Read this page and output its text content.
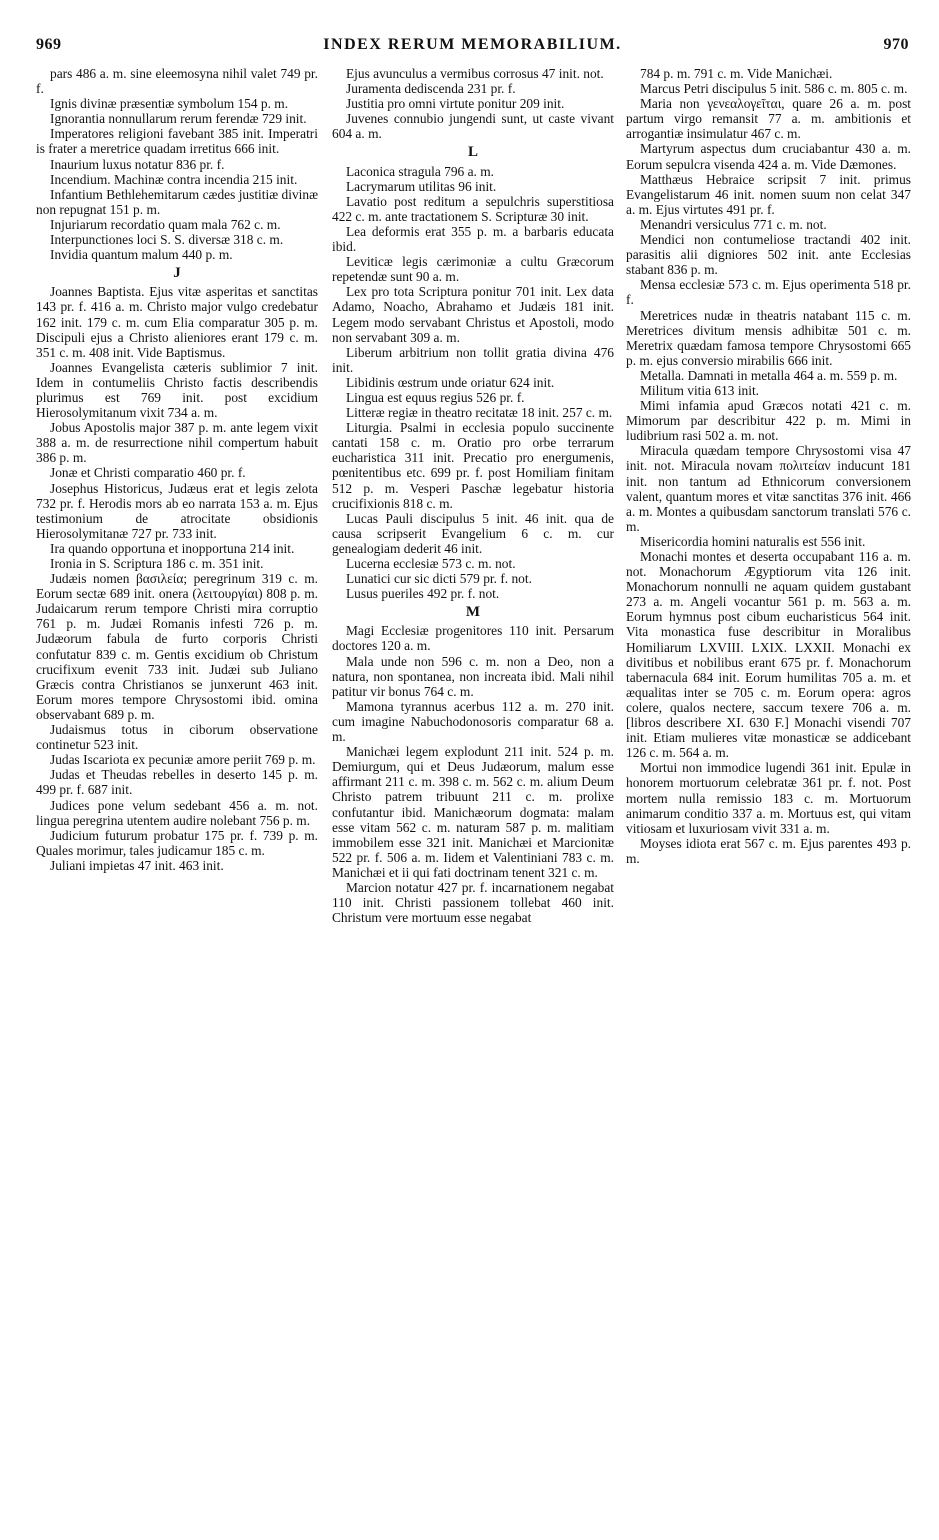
969	INDEX RERUM MEMORABILIUM.	970

pars 486 a. m. sine eleemosyna nihil valet 749 pr. f.

Ignis divinæ præsentiæ symbolum 154 p. m.

Ignorantia nonnullarum rerum ferendæ 729 init.

Imperatores religioni favebant 385 init. Imperatri is frater a meretrice quadam irretitus 666 init.

Inaurium luxus notatur 836 pr. f.

Incendium. Machinæ contra incendia 215 init.

Infantium Bethlehemitarum cædes justitiæ divinæ non repugnat 151 p. m.

Injuriarum recordatio quam mala 762 c. m.

Interpunctiones loci S. S. diversæ 318 c. m.

Invidia quantum malum 440 p. m.

J

Joannes Baptista. Ejus vitæ asperitas et sanctitas 143 pr. f. 416 a. m. Christo major vulgo credebatur 162 init. 179 c. m. cum Elia comparatur 305 p. m. Discipuli ejus a Christo alieniores erant 179 c. m. 351 c. m. 408 init. Vide Baptismus.

Joannes Evangelista cæteris sublimior 7 init. Idem in contumeliis Christo factis describendis plurimus est 769 init. post excidium Hierosolymitanum vixit 734 a. m.

Jobus Apostolis major 387 p. m. ante legem vixit 388 a. m. de resurrectione nihil compertum habuit 386 p. m.

Jonæ et Christi comparatio 460 pr. f.

Josephus Historicus, Judæus erat et legis zelota 732 pr. f. Herodis mors ab eo narrata 153 a. m. Ejus testimonium de atrocitate obsidionis Hierosolymitanæ 727 pr. 733 init.

Ira quando opportuna et inopportuna 214 init.

Ironia in S. Scriptura 186 c. m. 351 init.

Judæis nomen βασιλεία; peregrinum 319 c. m. Eorum sectæ 689 init. onera (λειτουργίαι) 808 p. m. Judaicarum rerum tempore Christi mira corruptio 761 p. m. Judæi Romanis infesti 726 p. m. Judæorum fabula de furto corporis Christi confutatur 839 c. m. Gentis excidium ob Christum crucifixum evenit 733 init. Judæi sub Juliano Græcis contra Christianos se junxerunt 463 init. Eorum mores tempore Chrysostomi ibid. omina observabant 689 p. m.

Judaismus totus in ciborum observatione continetur 523 init.

Judas Iscariota ex pecuniæ amore periit 769 p. m.

Judas et Theudas rebelles in deserto 145 p. m. 499 pr. f. 687 init.

Judices pone velum sedebant 456 a. m. not. lingua peregrina utentem audire nolebant 756 p. m.

Judicium futurum probatur 175 pr. f. 739 p. m. Quales morimur, tales judicamur 185 c. m.

Juliani impietas 47 init. 463 init.

Ejus avunculus a vermibus corrosus 47 init. not.

Juramenta dediscenda 231 pr. f.

Justitia pro omni virtute ponitur 209 init.

Juvenes connubio jungendi sunt, ut caste vivant 604 a. m.

L

Laconica stragula 796 a. m.

Lacrymarum utilitas 96 init.

Lavatio post reditum a sepulchris superstitiosa 422 c. m. ante tractationem S. Scripturæ 30 init.

Lea deformis erat 355 p. m. a barbaris educata ibid.

Leviticæ legis cærimoniæ a cultu Græcorum repetendæ sunt 90 a. m.

Lex pro tota Scriptura ponitur 701 init. Lex data Adamo, Noacho, Abrahamo et Judæis 181 init. Legem modo servabant Christus et Apostoli, modo non servabant 309 a. m.

Liberum arbitrium non tollit gratia divina 476 init.

Libidinis œstrum unde oriatur 624 init.

Lingua est equus regius 526 pr. f.

Litteræ regiæ in theatro recitatæ 18 init. 257 c. m.

Liturgia. Psalmi in ecclesia populo succinente cantati 158 c. m. Oratio pro orbe terrarum eucharistica 311 init. Precatio pro energumenis, pœnitentibus etc. 699 pr. f. post Homiliam finitam 512 p. m. Vesperi Paschæ legebatur historia crucifixionis 818 c. m.

Lucas Pauli discipulus 5 init. 46 init. qua de causa scripserit Evangelium 6 c. m. cur genealogiam dederit 46 init.

Lucerna ecclesiæ 573 c. m. not.

Lunatici cur sic dicti 579 pr. f. not.

Lusus pueriles 492 pr. f. not.

M

Magi Ecclesiæ progenitores 110 init. Persarum doctores 120 a. m.

Mala unde non 596 c. m. non a Deo, non a natura, non spontanea, non increata ibid. Mali nihil patitur vir bonus 764 c. m.

Mamona tyrannus acerbus 112 a. m. 270 init. cum imagine Nabuchodonosoris comparatur 68 a. m.

Manichæi legem explodunt 211 init. 524 p. m. Demiurgum, qui et Deus Judæorum, malum esse affirmant 211 c. m. 398 c. m. 562 c. m. alium Deum Christo patrem tribuunt 211 c. m. prolixe confutantur ibid. Manichæorum dogmata: malam esse vitam 562 c. m. naturam 587 p. m. malitiam immobilem esse 321 init. Manichæi et Marcionitæ 522 pr. f. 506 a. m. Iidem et Valentiniani 783 c. m. Manichæi et ii qui fati doctrinam tenent 321 c. m.

Marcion notatur 427 pr. f. incarnationem negabat 110 init. Christi passionem tollebat 460 init. Christum vere mortuum esse negabat

784 p. m. 791 c. m. Vide Manichæi.

Marcus Petri discipulus 5 init. 586 c. m. 805 c. m.

Maria non γενεαλογεῖται, quare 26 a. m. post partum virgo remansit 77 a. m. ambitionis et arrogantiæ insimulatur 467 c. m.

Martyrum aspectus dum cruciabantur 430 a. m. Eorum sepulcra visenda 424 a. m. Vide Dæmones.

Matthæus Hebraice scripsit 7 init. primus Evangelistarum 46 init. nomen suum non celat 347 a. m. Ejus virtutes 491 pr. f.

Menandri versiculus 771 c. m. not.

Mendici non contumeliose tractandi 402 init. parasitis alii digniores 502 init. ante Ecclesias stabant 836 p. m.

Mensa ecclesiæ 573 c. m. Ejus operimenta 518 pr. f.

Meretrices nudæ in theatris natabant 115 c. m. Meretrices divitum mensis adhibitæ 501 c. m. Meretrix quædam famosa tempore Chrysostomi 665 p. m. ejus conversio mirabilis 666 init.

Metalla. Damnati in metalla 464 a. m. 559 p. m.

Militum vitia 613 init.

Mimi infamia apud Græcos notati 421 c. m. Mimorum par describitur 422 p. m. Mimi in ludibrium rasi 502 a. m. not.

Miracula quædam tempore Chrysostomi visa 47 init. not. Miracula novam πολιτείαν inducunt 181 init. non tantum ad Ethnicorum conversionem valent, quantum mores et vitæ sanctitas 376 init. 466 a. m. Montes a quibusdam sanctorum translati 576 c. m.

Misericordia homini naturalis est 556 init.

Monachi montes et deserta occupabant 116 a. m. not. Monachorum Ægyptiorum vita 126 init. Monachorum nonnulli ne aquam quidem gustabant 273 a. m. Angeli vocantur 561 p. m. 563 a. m. Eorum hymnus post cibum eucharisticus 564 init. Vita monastica fuse describitur in Moralibus Homiliarum LXVIII. LXIX. LXXII. Monachi ex divitibus et nobilibus erant 675 pr. f. Monachorum tabernacula 684 init. Eorum humilitas 705 a. m. et æqualitas inter se 705 c. m. Eorum opera: agros colere, qualos nectere, saccum texere 706 a. m. [libros describere XI. 630 F.] Monachi visendi 707 init. Etiam mulieres vitæ monasticæ se addicebant 126 c. m. 564 a. m.

Mortui non immodice lugendi 361 init. Epulæ in honorem mortuorum celebratæ 361 pr. f. not. Post mortem nulla remissio 183 c. m. Mortuorum animarum conditio 337 a. m. Mortuus est, qui vitam vitiosam et luxuriosam vivit 331 a. m.

Moyses idiota erat 567 c. m. Ejus parentes 493 p. m.
